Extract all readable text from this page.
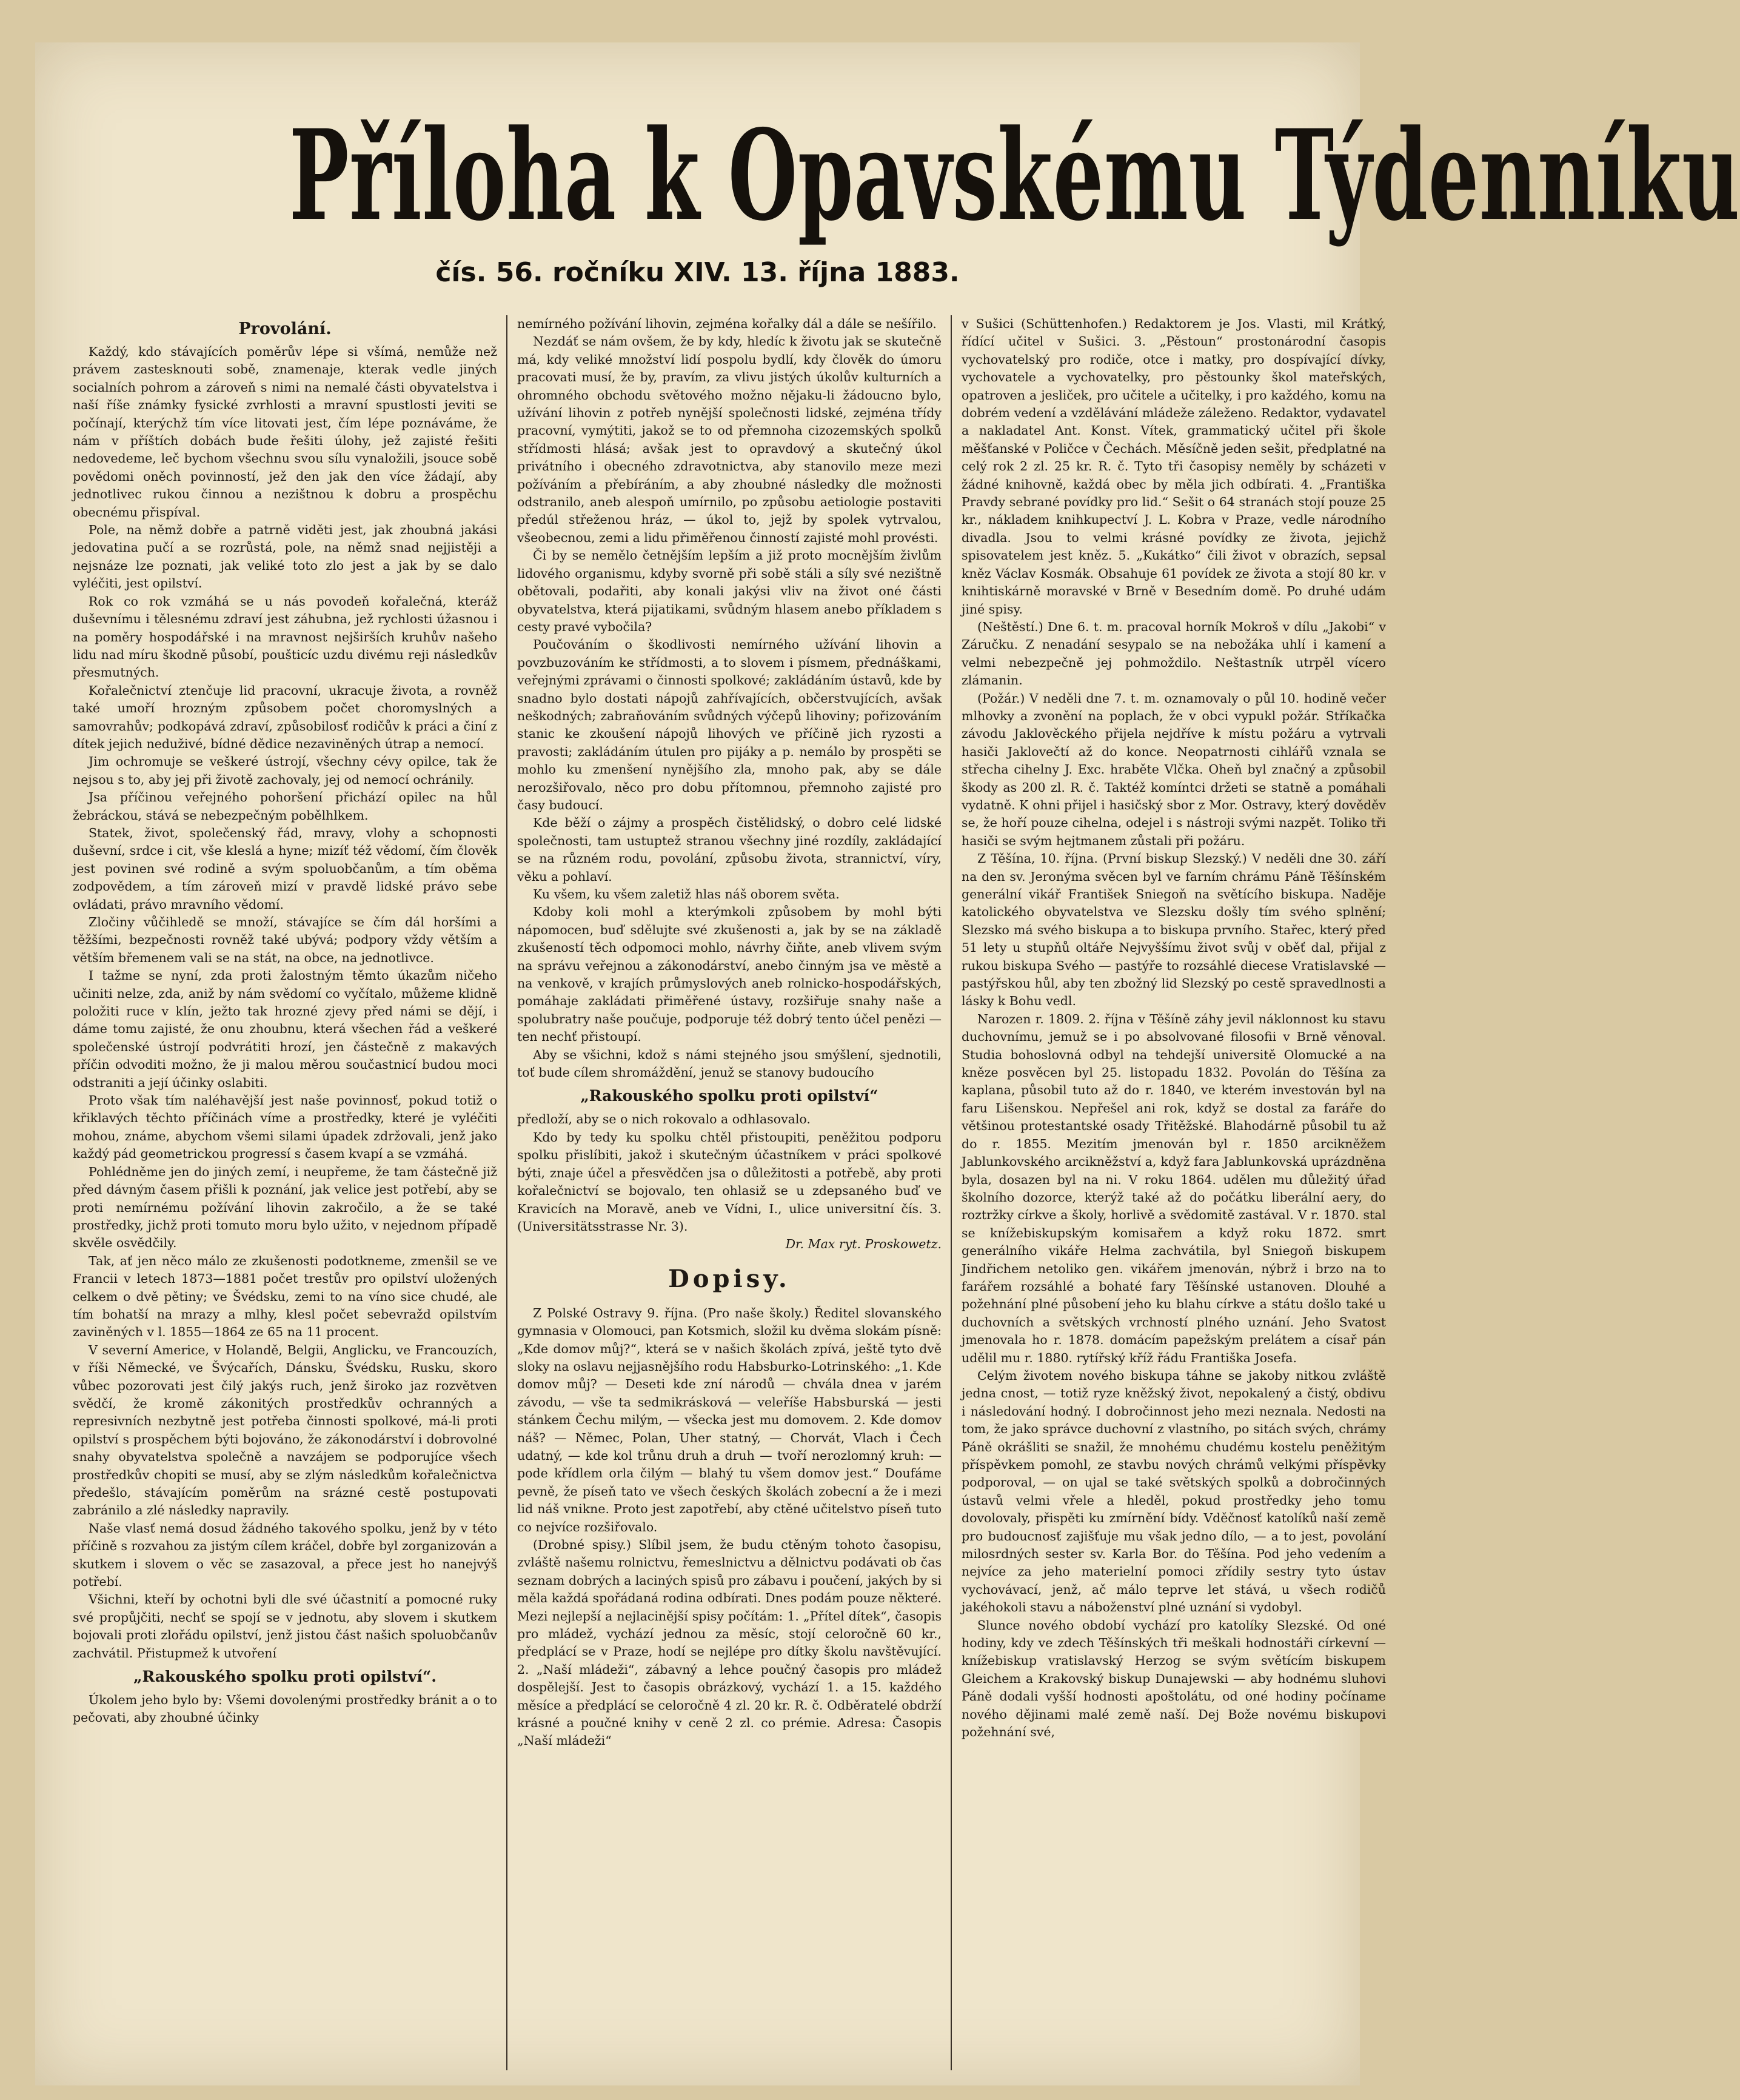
Příloha k Opavskému Týdenníku
čís. 56. ročníku XIV. 13. října 1883.
Provolání.

Každý, kdo stávajících poměrův lépe si všímá, nemůže než právem zastesknouti sobě, znamenaje, kterak vedle jiných socialních pohrom a zároveň s nimi na nemalé části obyvatelstva i naší říše známky fysické zvrhlosti a mravní spustlosti jeviti se počínají, kterýchž tím více litovati jest, čím lépe poznáváme, že nám v příštích dobách bude řešiti úlohy, jež zajisté řešiti nedovedeme, leč bychom všechnu svou sílu vynaložili, jsouce sobě povědomi oněch povinností, jež den jak den více žádají, aby jednotlivec rukou činnou a nezištnou k dobru a prospěchu obecnému přispíval.

Pole, na němž dobře a patrně viděti jest, jak zhoubná jakási jedovatina pučí a se rozrůstá, pole, na němž snad nejjistěji a nejsnáze lze poznati, jak veliké toto zlo jest a jak by se dalo vyléčiti, jest opilství.

Rok co rok vzmáhá se u nás povodeň kořalečná, kteráž duševnímu i tělesnému zdraví jest záhubna, jež rychlosti úžasnou i na poměry hospodářské i na mravnost nejširších kruhův našeho lidu nad míru škodně působí, poušticíc uzdu divému reji následkův přesmutných.

Kořalečnictví ztenčuje lid pracovní, ukracuje života, a rovněž také umoří hrozným způsobem počet choromyslných a samovrahův; podkopává zdraví, způsobilosť rodičův k práci a činí z dítek jejich neduživé, bídné dědice nezaviněných útrap a nemocí.

Jim ochromuje se veškeré ústrojí, všechny cévy opilce, tak že nejsou s to, aby jej při životě zachovaly, jej od nemocí ochránily.

Jsa příčinou veřejného pohoršení přichází opilec na hůl žebráckou, stává se nebezpečným pobělhlkem.

Statek, život, společenský řád, mravy, vlohy a schopnosti duševní, srdce i cit, vše kleslá a hyne; mizíť též vědomí, čím člověk jest povinen své rodině a svým spoluobčanům, a tím oběma zodpovědem, a tím zároveň mizí v pravdě lidské právo sebe ovládati, právo mravního vědomí.

Zločiny vůčihledě se množí, stávajíce se čím dál horšími a těžšími, bezpečnosti rovněž také ubývá; podpory vždy větším a větším břemenem vali se na stát, na obce, na jednotlivce.

I tažme se nyní, zda proti žalostným těmto úkazům ničeho učiniti nelze, zda, aniž by nám svědomí co vyčítalo, můžeme klidně položiti ruce v klín, ježto tak hrozné zjevy před námi se dějí, i dáme tomu zajisté, že onu zhoubnu, která všechen řád a veškeré společenské ústrojí podvrátiti hrozí, jen částečně z makavých příčin odvoditi možno, že ji malou měrou součastnicí budou moci odstraniti a její účinky oslabiti.

Proto však tím naléhavější jest naše povinnosť, pokud totiž o křiklavých těchto příčinách víme a prostředky, které je vyléčiti mohou, známe, abychom všemi silami úpadek zdržovali, jenž jako každý pád geometrickou progressí s časem kvapí a se vzmáhá.

Pohlédněme jen do jiných zemí, i neupřeme, že tam částečně již před dávným časem přišli k poznání, jak velice jest potřebí, aby se proti nemírnému požívání lihovin zakročilo, a že se také prostředky, jichž proti tomuto moru bylo užito, v nejednom případě skvěle osvědčily.

Tak, ať jen něco málo ze zkušenosti podotkneme, zmenšil se ve Francii v letech 1873—1881 počet trestův pro opilství uložených celkem o dvě pětiny; ve Švédsku, zemi to na víno sice chudé, ale tím bohatší na mrazy a mlhy, klesl počet sebevražd opilstvím zaviněných v l. 1855—1864 ze 65 na 11 procent.

V severní Americe, v Holandě, Belgii, Anglicku, ve Francouzích, v říši Německé, ve Švýcařích, Dánsku, Švédsku, Rusku, skoro vůbec pozorovati jest čilý jakýs ruch, jenž široko jaz rozvětven svědčí, že kromě zákonitých prostředkův ochranných a represivních nezbytně jest potřeba činnosti spolkové, má-li proti opilství s prospěchem býti bojováno, že zákonodárství i dobrovolné snahy obyvatelstva společně a navzájem se podporujíce všech prostředkův chopiti se musí, aby se zlým následkům kořalečnictva předešlo, stávajícím poměrům na srázné cestě postupovati zabránilo a zlé následky napravily.

Naše vlasť nemá dosud žádného takového spolku, jenž by v této příčině s rozvahou za jistým cílem kráčel, dobře byl zorganizován a skutkem i slovem o věc se zasazoval, a přece jest ho nanejvýš potřebí.

Všichni, kteří by ochotni byli dle své účastnití a pomocné ruky své propůjčiti, nechť se spojí se v jednotu, aby slovem i skutkem bojovali proti zlořádu opilství, jenž jistou část našich spoluobčanův zachvátil. Přistupmež k utvoření

„Rakouského spolku proti opilství“.

Úkolem jeho bylo by: Všemi dovolenými prostředky bránit a o to pečovati, aby zhoubné účinky

nemírného požívání lihovin, zejména kořalky dál a dále se nešířilo.

Nezdáť se nám ovšem, že by kdy, hledíc k životu jak se skutečně má, kdy veliké množství lidí pospolu bydlí, kdy člověk do úmoru pracovati musí, že by, pravím, za vlivu jistých úkolův kulturních a ohromného obchodu světového možno nějaku-li žádoucno bylo, užívání lihovin z potřeb nynější společnosti lidské, zejména třídy pracovní, vymýtiti, jakož se to od přemnoha cizozemských spolků střídmosti hlásá; avšak jest to opravdový a skutečný úkol privátního i obecného zdravotnictva, aby stanovilo meze mezi požíváním a přebíráním, a aby zhoubné následky dle možnosti odstranilo, aneb alespoň umírnilo, po způsobu aetiologie postaviti předúl střeženou hráz, — úkol to, jejž by spolek vytrvalou, všeobecnou, zemi a lidu přiměřenou činností zajisté mohl provésti.

Či by se nemělo četnějším lepším a již proto mocnějším živlům lidového organismu, kdyby svorně při sobě stáli a síly své nezištně obětovali, podařiti, aby konali jakýsi vliv na život oné části obyvatelstva, která pijatikami, svůdným hlasem anebo příkladem s cesty pravé vybočila?

Poučováním o škodlivosti nemírného užívání lihovin a povzbuzováním ke střídmosti, a to slovem i písmem, přednáškami, veřejnými zprávami o činnosti spolkové; zakládáním ústavů, kde by snadno bylo dostati nápojů zahřívajících, občerstvujících, avšak neškodných; zabraňováním svůdných výčepů lihoviny; pořizováním stanic ke zkoušení nápojů lihových ve příčině jich ryzosti a pravosti; zakládáním útulen pro pijáky a p. nemálo by prospěti se mohlo ku zmenšení nynějšího zla, mnoho pak, aby se dále nerozšiřovalo, něco pro dobu přítomnou, přemnoho zajisté pro časy budoucí.

Kde běží o zájmy a prospěch čistělidský, o dobro celé lidské společnosti, tam ustuptež stranou všechny jiné rozdíly, zakládající se na různém rodu, povolání, způsobu života, strannictví, víry, věku a pohlaví.

Ku všem, ku všem zaletiž hlas náš oborem světa.

Kdoby koli mohl a kterýmkoli způsobem by mohl býti nápomocen, buď sdělujte své zkušenosti a, jak by se na základě zkušeností těch odpomoci mohlo, návrhy čiňte, aneb vlivem svým na správu veřejnou a zákonodárství, anebo činným jsa ve městě a na venkově, v krajích průmyslových aneb rolnicko-hospodářských, pomáhaje zakládati přiměřené ústavy, rozšiřuje snahy naše a spolubratry naše poučuje, podporuje též dobrý tento účel penězi — ten nechť přistoupí.

Aby se všichni, kdož s námi stejného jsou smýšlení, sjednotili, toť bude cílem shromáždění, jenuž se stanovy budoucího

„Rakouského spolku proti opilství“

předloží, aby se o nich rokovalo a odhlasovalo.

Kdo by tedy ku spolku chtěl přistoupiti, peněžitou podporu spolku přislíbiti, jakož i skutečným účastníkem v práci spolkové býti, znaje účel a přesvědčen jsa o důležitosti a potřebě, aby proti kořalečnictví se bojovalo, ten ohlasiž se u zdepsaného buď ve Kravicích na Moravě, aneb ve Vídni, I., ulice universitní čís. 3. (Universitätsstrasse Nr. 3).

Dr. Max ryt. Proskowetz.

Dopisy.

Z Polské Ostravy 9. října. (Pro naše školy.) Ředitel slovanského gymnasia v Olomouci, pan Kotsmich, složil ku dvěma slokám písně: „Kde domov můj?“, která se v našich školách zpívá, ještě tyto dvě sloky na oslavu nejjasnějšího rodu Habsburko-Lotrinského: „1. Kde domov můj? — Deseti kde zní národů — chvála dnea v jarém závodu, — vše ta sedmikrásková — veleříše Habsburská — jesti stánkem Čechu milým, — všecka jest mu domovem. 2. Kde domov náš? — Němec, Polan, Uher statný, — Chorvát, Vlach i Čech udatný, — kde kol trůnu druh a druh — tvoří nerozlomný kruh: — pode křídlem orla čilým — blahý tu všem domov jest.“ Doufáme pevně, že píseň tato ve všech českých školách zobecní a že i mezi lid náš vnikne. Proto jest zapotřebí, aby ctěné učitelstvo píseň tuto co nejvíce rozšiřovalo.

(Drobné spisy.) Slíbil jsem, že budu ctěným tohoto časopisu, zvláště našemu rolnictvu, řemeslnictvu a dělnictvu podávati ob čas seznam dobrých a laciných spisů pro zábavu i poučení, jakých by si měla každá spořádaná rodina odbírati. Dnes podám pouze některé. Mezi nejlepší a nejlacinější spisy počítám: 1. „Přítel dítek“, časopis pro mládež, vychází jednou za měsíc, stojí celoročně 60 kr., předplácí se v Praze, hodí se nejlépe pro dítky školu navštěvující. 2. „Naší mládeži“, zábavný a lehce poučný časopis pro mládež dospělejší. Jest to časopis obrázkový, vychází 1. a 15. každého měsíce a předplácí se celoročně 4 zl. 20 kr. R. č. Odběratelé obdrží krásné a poučné knihy v ceně 2 zl. co prémie. Adresa: Časopis „Naší mládeži“

v Sušici (Schüttenhofen.) Redaktorem je Jos. Vlasti, mil Krátký, řídící učitel v Sušici. 3. „Pěstoun“ prostonárodní časopis vychovatelský pro rodiče, otce i matky, pro dospívající dívky, vychovatele a vychovatelky, pro pěstounky škol mateřských, opatroven a jesliček, pro učitele a učitelky, i pro každého, komu na dobrém vedení a vzdělávání mládeže záleženo. Redaktor, vydavatel a nakladatel Ant. Konst. Vítek, grammatický učitel při škole měšťanské v Poličce v Čechách. Měsíčně jeden sešit, předplatné na celý rok 2 zl. 25 kr. R. č. Tyto tři časopisy neměly by scházeti v žádné knihovně, každá obec by měla jich odbírati. 4. „Františka Pravdy sebrané povídky pro lid.“ Sešit o 64 stranách stojí pouze 25 kr., nákladem knihkupectví J. L. Kobra v Praze, vedle národního divadla. Jsou to velmi krásné povídky ze života, jejichž spisovatelem jest kněz. 5. „Kukátko“ čili život v obrazích, sepsal kněz Václav Kosmák. Obsahuje 61 povídek ze života a stojí 80 kr. v knihtiskárně moravské v Brně v Besedním domě. Po druhé udám jiné spisy.

(Neštěstí.) Dne 6. t. m. pracoval horník Mokroš v dílu „Jakobi“ v Záručku. Z nenadání sesypalo se na nebožáka uhlí i kamení a velmi nebezpečně jej pohmoždilo. Neštastník utrpěl vícero zlámanin.

(Požár.) V neděli dne 7. t. m. oznamovaly o půl 10. hodině večer mlhovky a zvonění na poplach, že v obci vypukl požár. Stříkačka závodu Jaklověckého přijela nejdříve k místu požáru a vytrvali hasiči Jaklovečtí až do konce. Neopatrnosti cihlářů vznala se střecha cihelny J. Exc. hraběte Vlčka. Oheň byl značný a způsobil škody as 200 zl. R. č. Taktéž komíntci držeti se statně a pomáhali vydatně. K ohni přijel i hasičský sbor z Mor. Ostravy, který dověděv se, že hoří pouze cihelna, odejel i s nástroji svými nazpět. Toliko tři hasiči se svým hejtmanem zůstali při požáru.

Z Těšína, 10. října. (První biskup Slezský.) V neděli dne 30. září na den sv. Jeronýma svěcen byl ve farním chrámu Páně Těšínském generální vikář František Sniegoň na světícího biskupa. Naděje katolického obyvatelstva ve Slezsku došly tím svého splnění; Slezsko má svého biskupa a to biskupa prvního. Stařec, který před 51 lety u stupňů oltáře Nejvyššímu život svůj v oběť dal, přijal z rukou biskupa Svého — pastýře to rozsáhlé diecese Vratislavské — pastýřskou hůl, aby ten zbožný lid Slezský po cestě spravedlnosti a lásky k Bohu vedl.

Narozen r. 1809. 2. října v Těšíně záhy jevil náklonnost ku stavu duchovnímu, jemuž se i po absolvované filosofii v Brně věnoval. Studia bohoslovná odbyl na tehdejší universitě Olomucké a na kněze posvěcen byl 25. listopadu 1832. Povolán do Těšína za kaplana, působil tuto až do r. 1840, ve kterém investován byl na faru Lišenskou. Nepřešel ani rok, když se dostal za faráře do většinou protestantské osady Třitěžské. Blahodárně působil tu až do r. 1855. Mezitím jmenován byl r. 1850 arcikněžem Jablunkovského arcikněžství a, když fara Jablunkovská uprázdněna byla, dosazen byl na ni. V roku 1864. udělen mu důležitý úřad školního dozorce, kterýž také až do počátku liberální aery, do roztržky církve a školy, horlivě a svědomitě zastával. V r. 1870. stal se knížebiskupským komisařem a když roku 1872. smrt generálního vikáře Helma zachvátila, byl Sniegoň biskupem Jindřichem netoliko gen. vikářem jmenován, nýbrž i brzo na to farářem rozsáhlé a bohaté fary Těšínské ustanoven. Dlouhé a požehnání plné působení jeho ku blahu církve a státu došlo také u duchovních a světských vrchností plného uznání. Jeho Svatost jmenovala ho r. 1878. domácím papežským prelátem a císař pán udělil mu r. 1880. rytířský kříž řádu Františka Josefa.

Celým životem nového biskupa táhne se jakoby nitkou zvláště jedna cnost, — totiž ryze kněžský život, nepokalený a čistý, obdivu i následování hodný. I dobročinnost jeho mezi neznala. Nedosti na tom, že jako správce duchovní z vlastního, po sitách svých, chrámy Páně okrášliti se snažil, že mnohému chudému kostelu peněžitým příspěvkem pomohl, ze stavbu nových chrámů velkými příspěvky podporoval, — on ujal se také světských spolků a dobročinných ústavů velmi vřele a hleděl, pokud prostředky jeho tomu dovolovaly, přispěti ku zmírnění bídy. Vděčnosť katolíků naší země pro budoucnosť zajišťuje mu však jedno dílo, — a to jest, povolání milosrdných sester sv. Karla Bor. do Těšína. Pod jeho vedením a nejvíce za jeho materielní pomoci zřídily sestry tyto ústav vychovávací, jenž, ač málo teprve let stává, u všech rodičů jakéhokoli stavu a náboženství plné uznání si vydobyl.

Slunce nového období vychází pro katolíky Slezské. Od oné hodiny, kdy ve zdech Těšínských tři meškali hodnostáři církevní — knížebiskup vratislavský Herzog se svým světícím biskupem Gleichem a Krakovský biskup Dunajewski — aby hodnému sluhovi Páně dodali vyšší hodnosti apoštolátu, od oné hodiny počíname nového dějinami malé země naší. Dej Bože novému biskupovi požehnání své,
